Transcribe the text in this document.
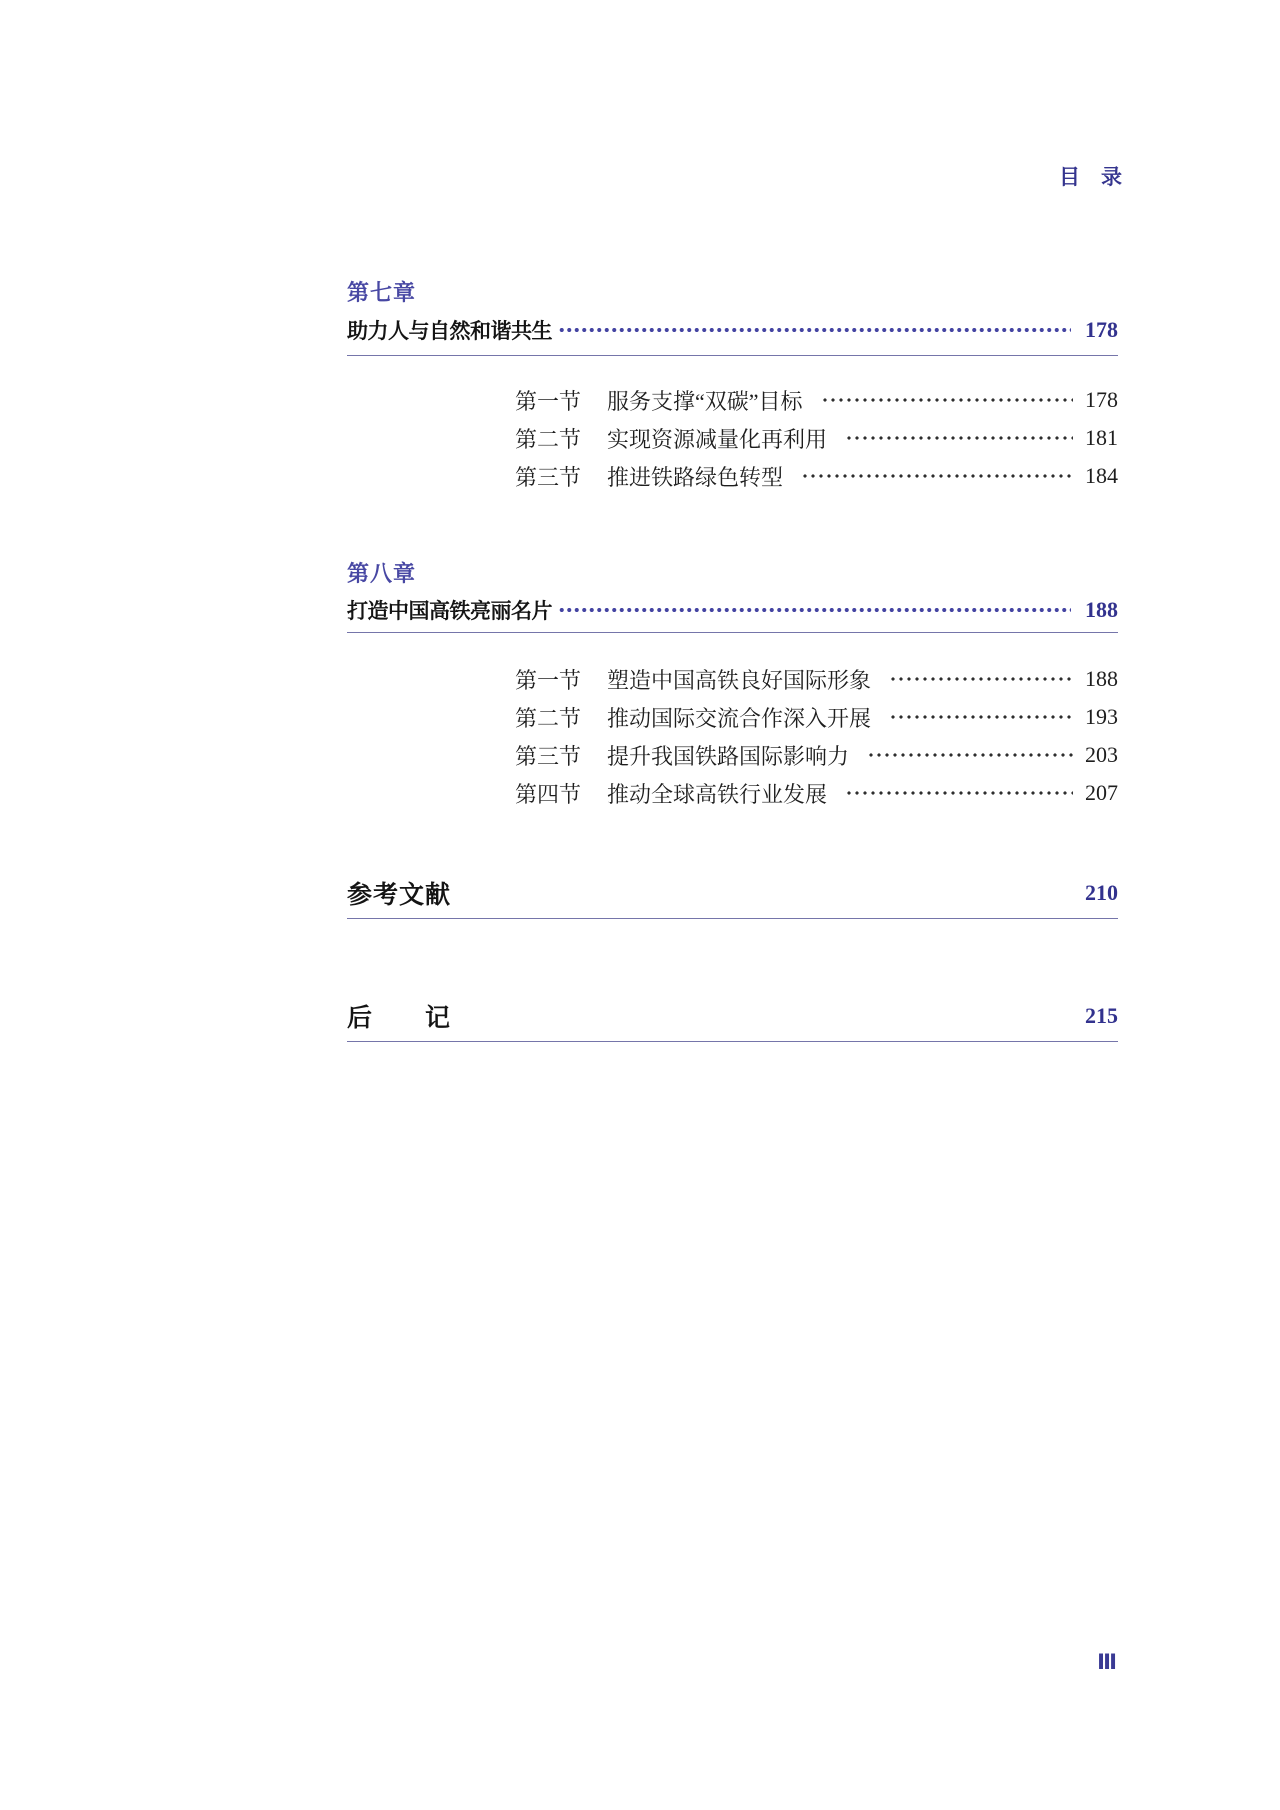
目　录
第七章
助力人与自然和谐共生	178
第一节 服务支撑“双碳”目标	178
第二节 实现资源减量化再利用	181
第三节 推进铁路绿色转型	184
第八章
打造中国高铁亮丽名片	188
第一节 塑造中国高铁良好国际形象	188
第二节 推动国际交流合作深入开展	193
第三节 提升我国铁路国际影响力	203
第四节 推动全球高铁行业发展	207
参考文献	210
后　　记	215
Ⅲ
